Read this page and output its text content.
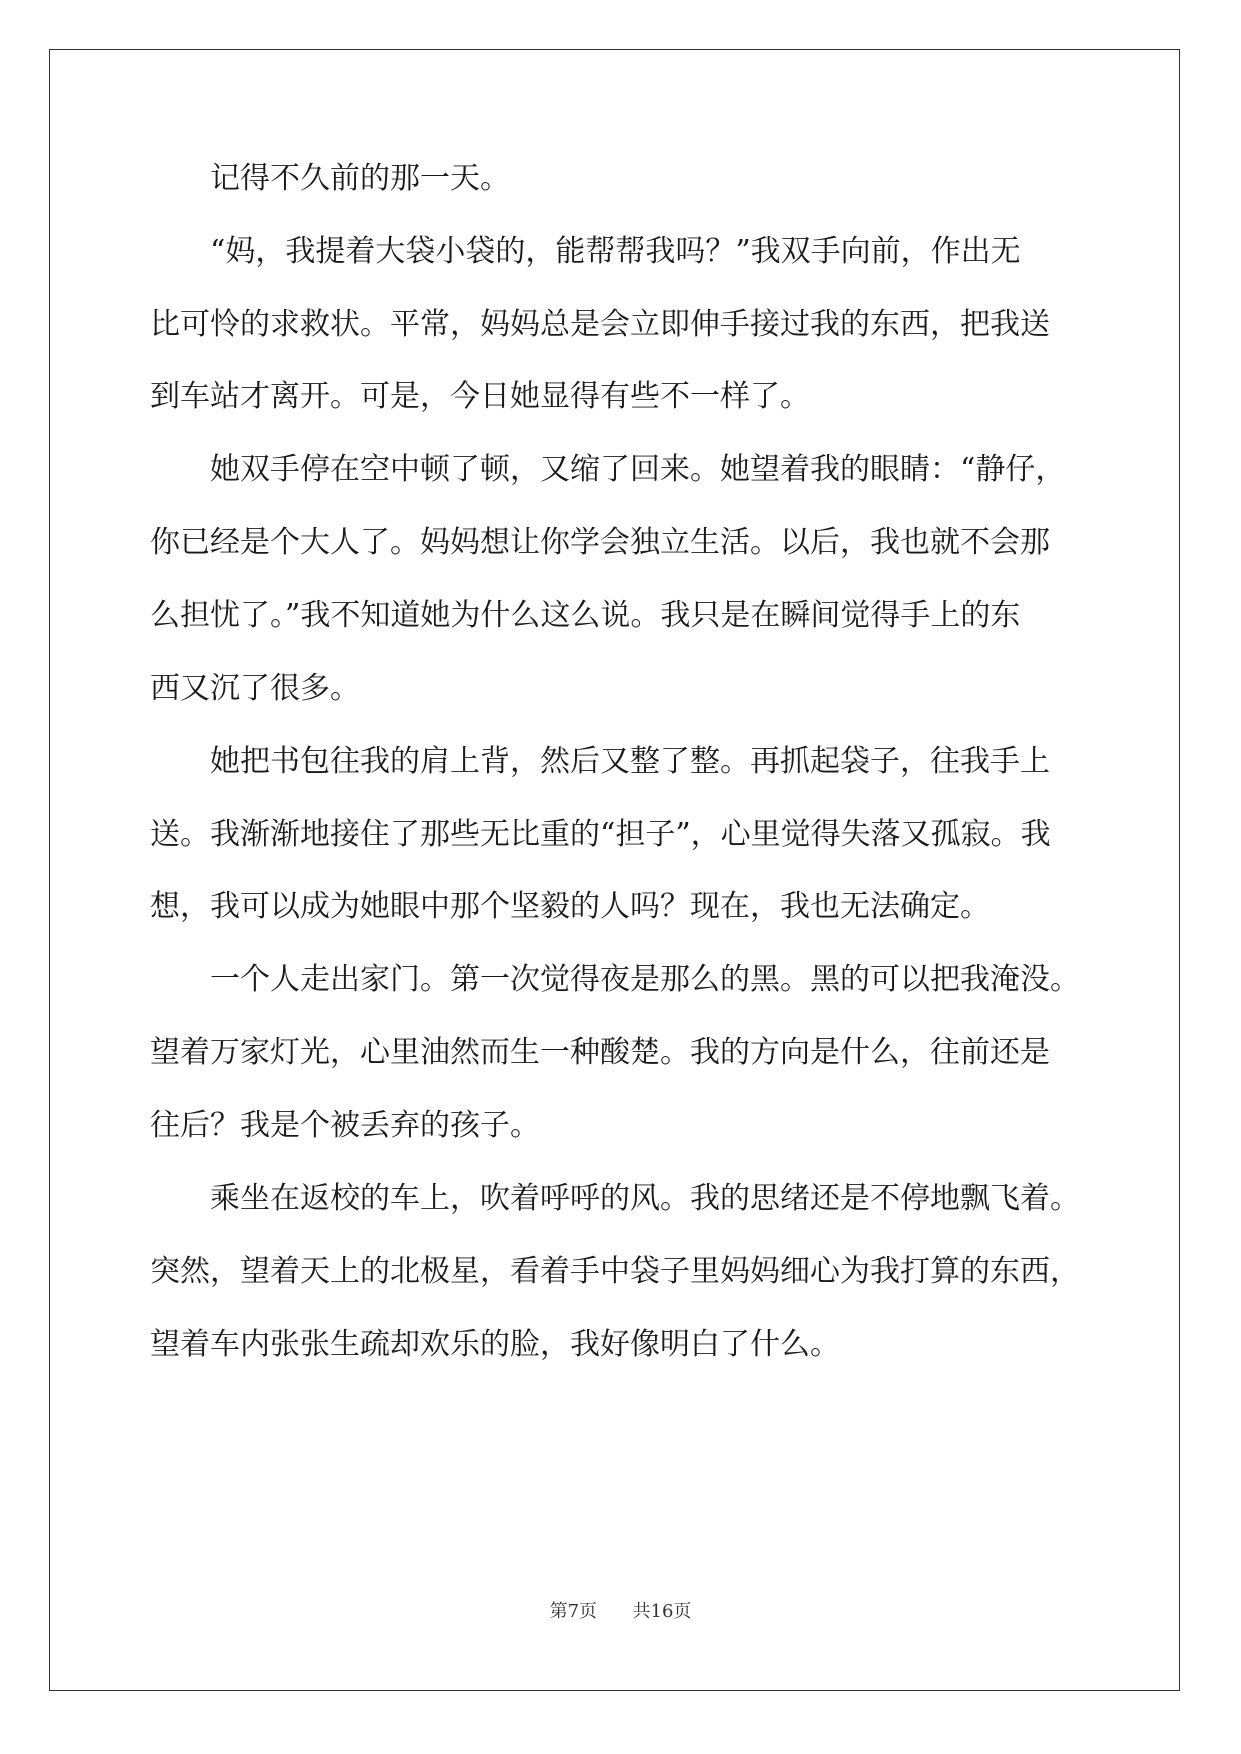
记得不久前的那一天。

“妈，我提着大袋小袋的，能帮帮我吗？”我双手向前，作出无

比可怜的求救状。平常，妈妈总是会立即伸手接过我的东西，把我送

到车站才离开。可是，今日她显得有些不一样了。

她双手停在空中顿了顿，又缩了回来。她望着我的眼睛：“静仔，

你已经是个大人了。妈妈想让你学会独立生活。以后，我也就不会那

么担忧了。”我不知道她为什么这么说。我只是在瞬间觉得手上的东

西又沉了很多。

她把书包往我的肩上背，然后又整了整。再抓起袋子，往我手上

送。我渐渐地接住了那些无比重的“担子”，心里觉得失落又孤寂。我

想，我可以成为她眼中那个坚毅的人吗？现在，我也无法确定。

一个人走出家门。第一次觉得夜是那么的黑。黑的可以把我淹没。

望着万家灯光，心里油然而生一种酸楚。我的方向是什么，往前还是

往后？我是个被丢弃的孩子。

乘坐在返校的车上，吹着呼呼的风。我的思绪还是不停地飘飞着。

突然，望着天上的北极星，看着手中袋子里妈妈细心为我打算的东西，

望着车内张张生疏却欢乐的脸，我好像明白了什么。

第7页 共16页
